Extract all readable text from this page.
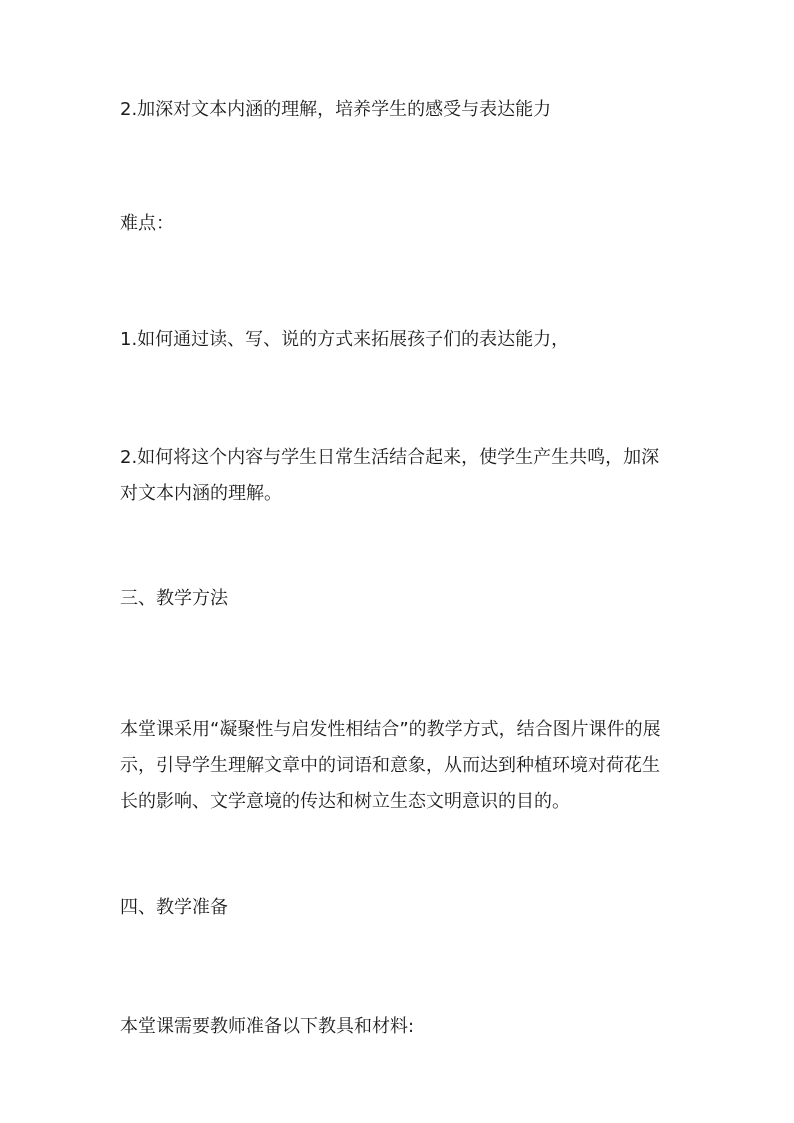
2.加深对文本内涵的理解，培养学生的感受与表达能力
难点：
1.如何通过读、写、说的方式来拓展孩子们的表达能力，
2.如何将这个内容与学生日常生活结合起来，使学生产生共鸣，加深对文本内涵的理解。
三、教学方法
本堂课采用“凝聚性与启发性相结合”的教学方式，结合图片课件的展示，引导学生理解文章中的词语和意象，从而达到种植环境对荷花生长的影响、文学意境的传达和树立生态文明意识的目的。
四、教学准备
本堂课需要教师准备以下教具和材料:
